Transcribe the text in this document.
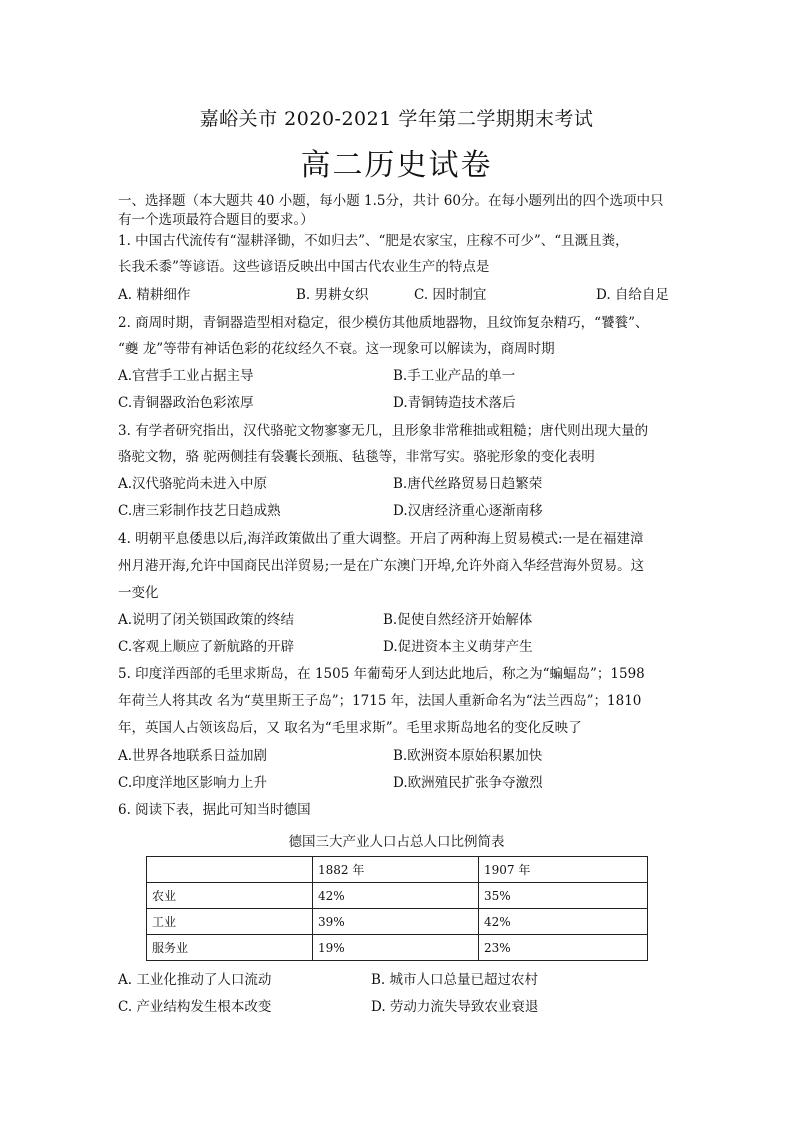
嘉峪关市 2020-2021 学年第二学期期末考试
高二历史试卷
一、选择题（本大题共 40 小题，每小题 1.5分，共计 60分。在每小题列出的四个选项中只
有一个选项最符合题目的要求。）
1. 中国古代流传有“湿耕泽锄，不如归去”、“肥是农家宝，庄稼不可少”、“且溉且粪，
长我禾黍”等谚语。这些谚语反映出中国古代农业生产的特点是
A. 精耕细作	B. 男耕女织	C. 因时制宜	D. 自给自足
2. 商周时期，青铜器造型相对稳定，很少模仿其他质地器物，且纹饰复杂精巧，“饕餮”、
“夔 龙”等带有神话色彩的花纹经久不衰。这一现象可以解读为，商周时期
A.官营手工业占据主导	B.手工业产品的单一
C.青铜器政治色彩浓厚	D.青铜铸造技术落后
3. 有学者研究指出，汉代骆驼文物寥寥无几，且形象非常稚拙或粗糙；唐代则出现大量的
骆驼文物，骆 驼两侧挂有袋囊长颈瓶、毡毯等，非常写实。骆驼形象的变化表明
A.汉代骆驼尚未进入中原	B.唐代丝路贸易日趋繁荣
C.唐三彩制作技艺日趋成熟	D.汉唐经济重心逐渐南移
4. 明朝平息倭患以后,海洋政策做出了重大调整。开启了两种海上贸易模式:一是在福建漳
州月港开海,允许中国商民出洋贸易;一是在广东澳门开埠,允许外商入华经营海外贸易。这
一变化
A.说明了闭关锁国政策的终结	B.促使自然经济开始解体
C.客观上顺应了新航路的开辟	D.促进资本主义萌芽产生
5. 印度洋西部的毛里求斯岛，在 1505 年葡萄牙人到达此地后，称之为“蝙蝠岛”；1598
年荷兰人将其改 名为“莫里斯王子岛”；1715 年，法国人重新命名为“法兰西岛”；1810
年，英国人占领该岛后，又 取名为“毛里求斯”。毛里求斯岛地名的变化反映了
A.世界各地联系日益加剧	B.欧洲资本原始积累加快
C.印度洋地区影响力上升	D.欧洲殖民扩张争夺激烈
6. 阅读下表，据此可知当时德国
德国三大产业人口占总人口比例简表
	1882 年	1907 年
农业	42%	35%
工业	39%	42%
服务业	19%	23%
A. 工业化推动了人口流动	B. 城市人口总量已超过农村
C. 产业结构发生根本改变	D. 劳动力流失导致农业衰退
